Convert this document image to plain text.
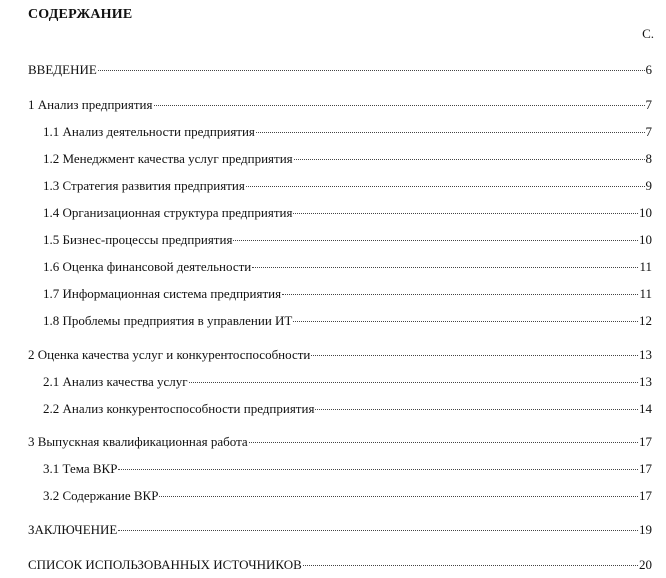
СОДЕРЖАНИЕ
С.
ВВЕДЕНИЕ	6
1 Анализ предприятия	7
1.1 Анализ деятельности предприятия	7
1.2 Менеджмент качества услуг предприятия	8
1.3 Стратегия развития предприятия	9
1.4 Организационная структура предприятия	10
1.5 Бизнес-процессы предприятия	10
1.6 Оценка финансовой деятельности	11
1.7 Информационная система предприятия	11
1.8 Проблемы предприятия в управлении ИТ	12
2 Оценка качества услуг и конкурентоспособности	13
2.1 Анализ качества услуг	13
2.2 Анализ конкурентоспособности предприятия	14
3 Выпускная квалификационная работа	17
3.1 Тема ВКР	17
3.2 Содержание ВКР	17
ЗАКЛЮЧЕНИЕ	19
СПИСОК ИСПОЛЬЗОВАННЫХ ИСТОЧНИКОВ	20
